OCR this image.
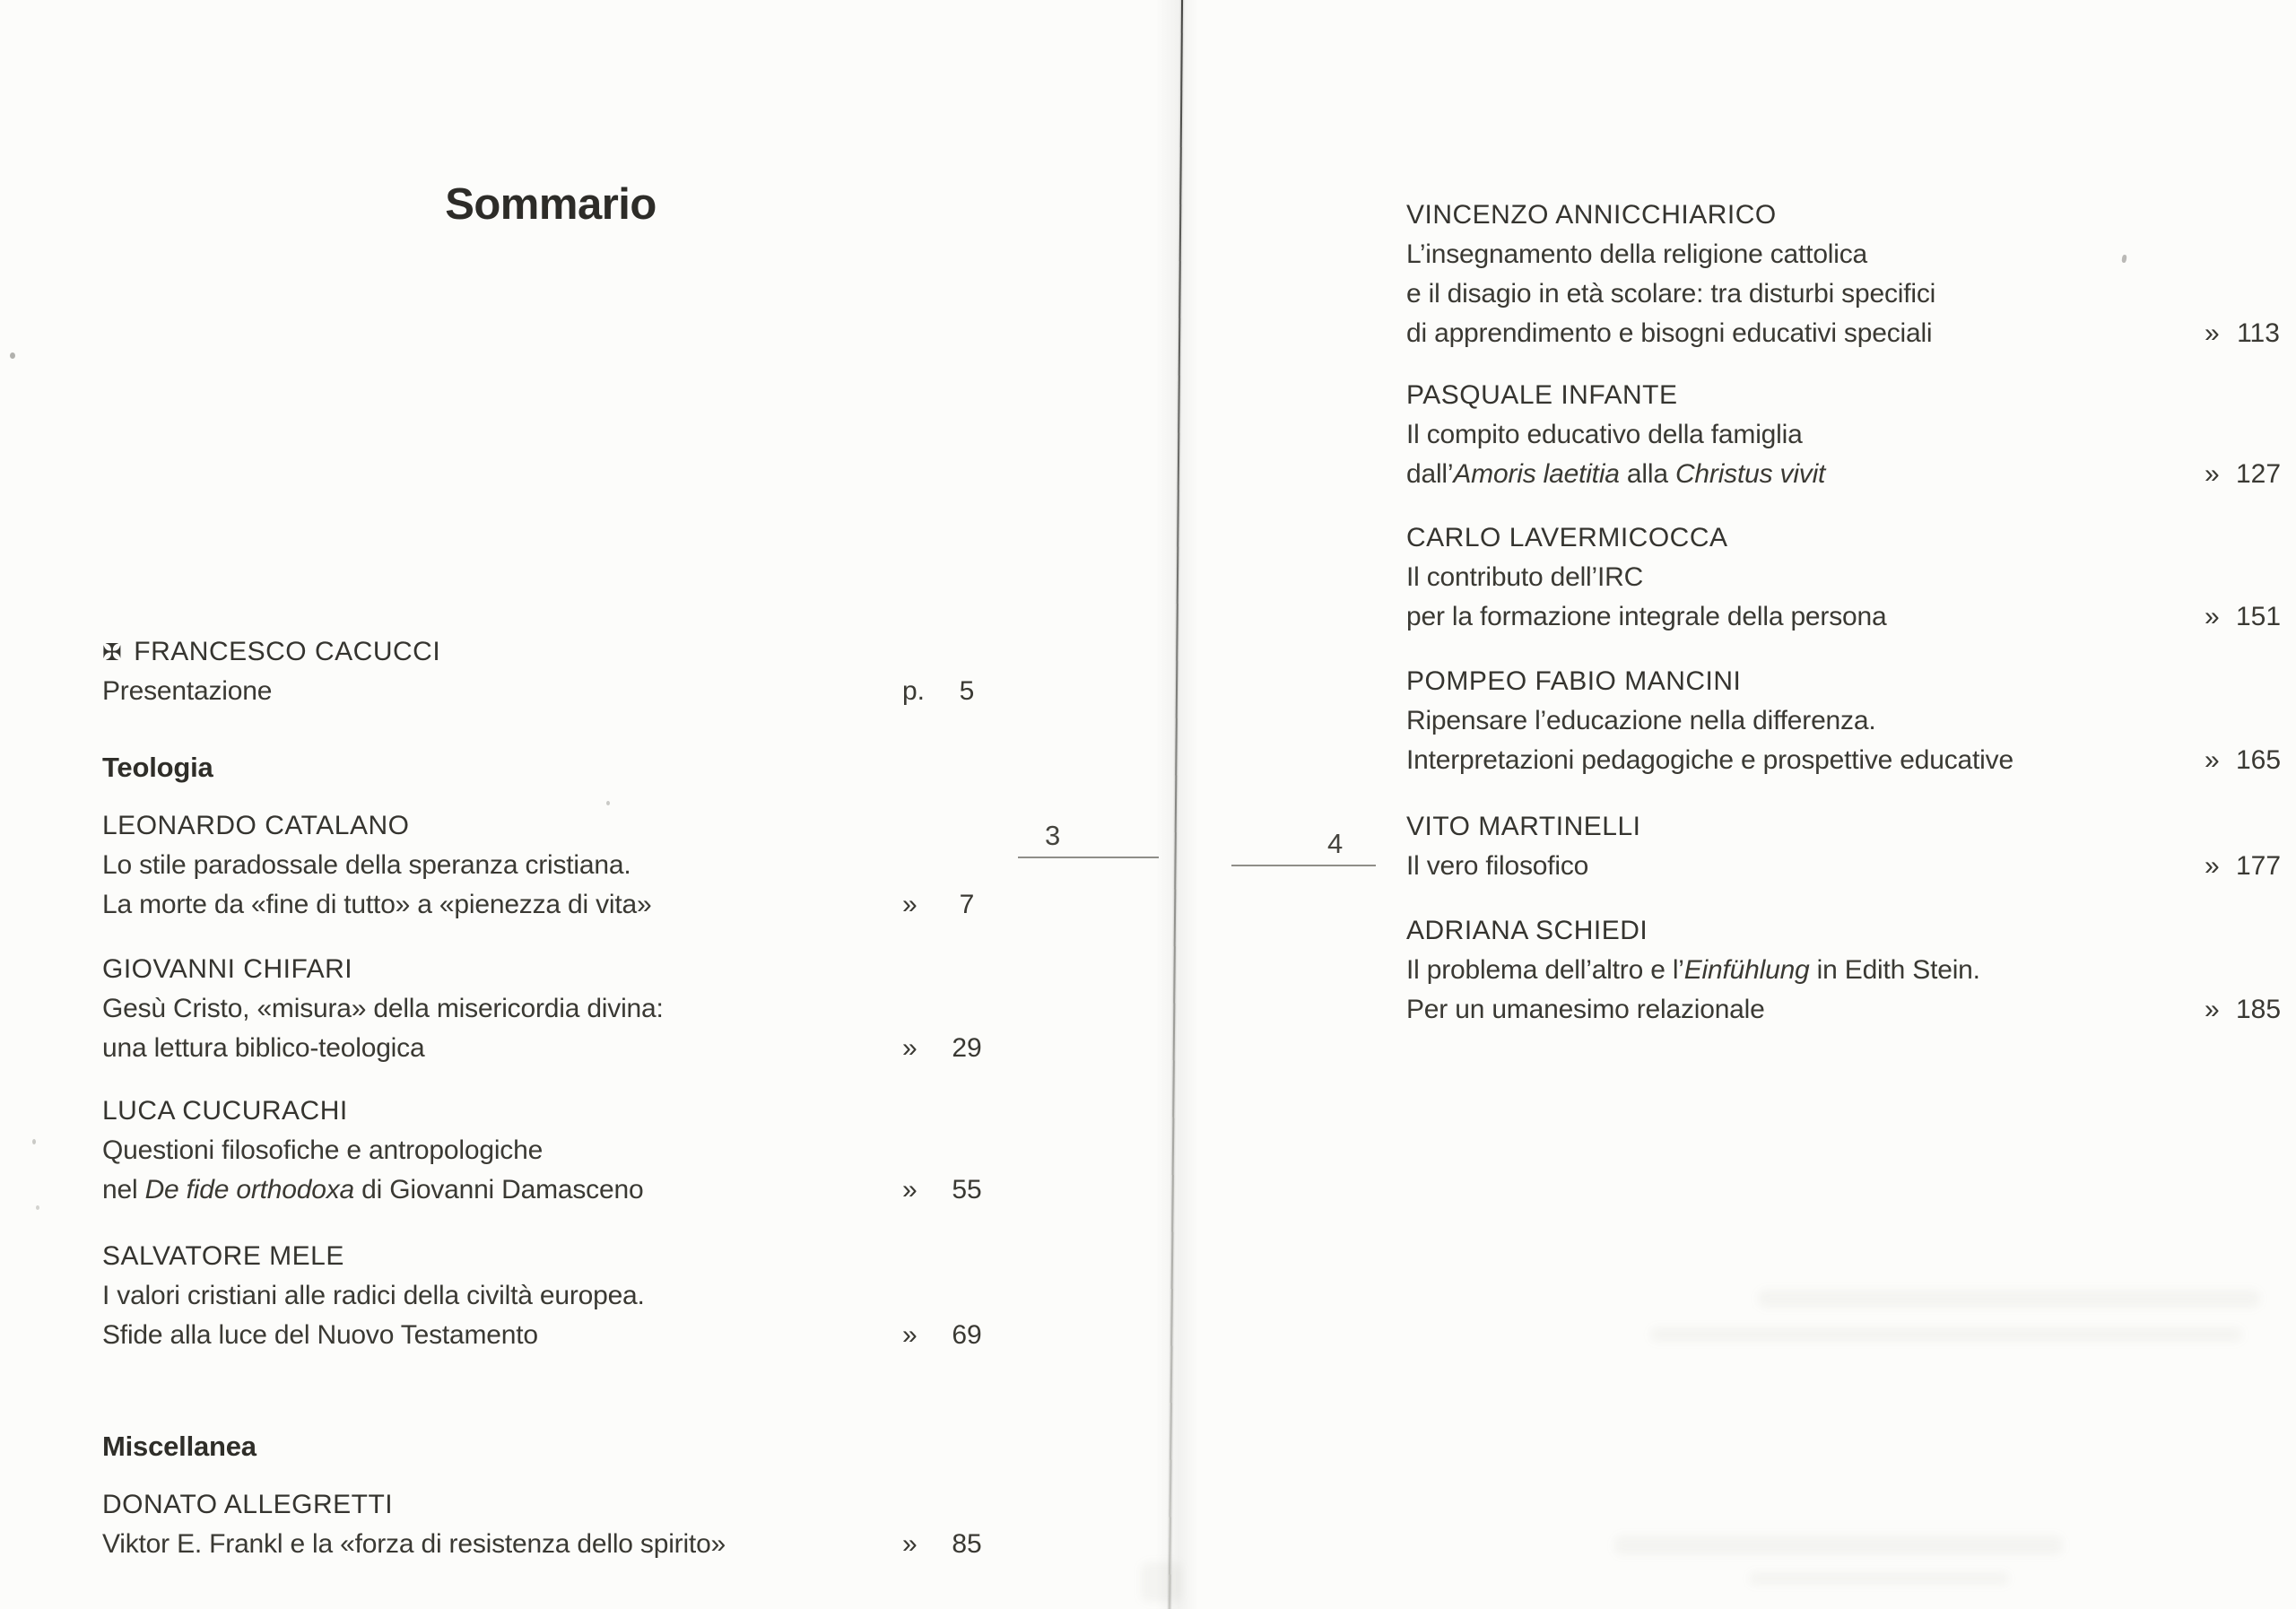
Sommario
✠ FRANCESCO CACUCCI
Presentazione	p.	5
Teologia
LEONARDO CATALANO
Lo stile paradossale della speranza cristiana.
La morte da «fine di tutto» a «pienezza di vita»	»	7
GIOVANNI CHIFARI
Gesù Cristo, «misura» della misericordia divina:
una lettura biblico-teologica	»	29
LUCA CUCURACHI
Questioni filosofiche e antropologiche
nel De fide orthodoxa di Giovanni Damasceno	»	55
SALVATORE MELE
I valori cristiani alle radici della civiltà europea.
Sfide alla luce del Nuovo Testamento	»	69
Miscellanea
DONATO ALLEGRETTI
Viktor E. Frankl e la «forza di resistenza dello spirito»	»	85
3
VINCENZO ANNICCHIARICO
L’insegnamento della religione cattolica
e il disagio in età scolare: tra disturbi specifici
di apprendimento e bisogni educativi speciali	» 113
PASQUALE INFANTE
Il compito educativo della famiglia
dall’Amoris laetitia alla Christus vivit	» 127
CARLO LAVERMICOCCA
Il contributo dell’IRC
per la formazione integrale della persona	» 151
POMPEO FABIO MANCINI
Ripensare l’educazione nella differenza.
Interpretazioni pedagogiche e prospettive educative	» 165
VITO MARTINELLI
Il vero filosofico	» 177
ADRIANA SCHIEDI
Il problema dell’altro e l’Einfühlung in Edith Stein.
Per un umanesimo relazionale	» 185
4
